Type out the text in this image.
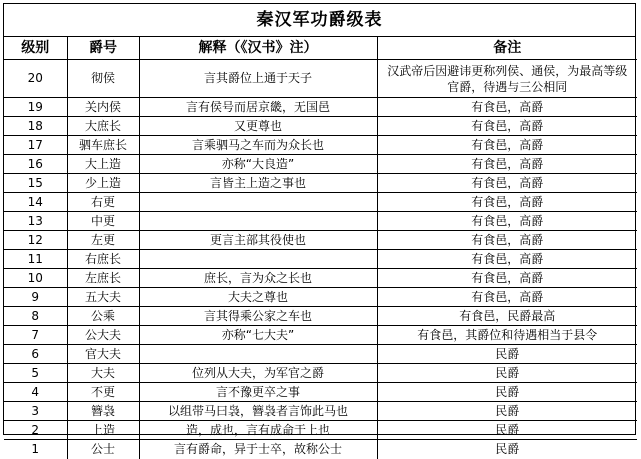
秦汉军功爵级表
级别	爵号	解释（《汉书》注）	备注
20	彻侯	言其爵位上通于天子	汉武帝后因避讳更称列侯、通侯，为最高等级官爵，待遇与三公相同
19	关内侯	言有侯号而居京畿，无国邑	有食邑，高爵
18	大庶长	又更尊也	有食邑，高爵
17	驷车庶长	言乘驷马之车而为众长也	有食邑，高爵
16	大上造	亦称“大良造”	有食邑，高爵
15	少上造	言皆主上造之事也	有食邑，高爵
14	右更		有食邑，高爵
13	中更		有食邑，高爵
12	左更	更言主部其役使也	有食邑，高爵
11	右庶长		有食邑，高爵
10	左庶长	庶长，言为众之长也	有食邑，高爵
9	五大夫	大夫之尊也	有食邑，高爵
8	公乘	言其得乘公家之车也	有食邑，民爵最高
7	公大夫	亦称“七大夫”	有食邑，其爵位和待遇相当于县令
6	官大夫		民爵
5	大夫	位列从大夫，为军官之爵	民爵
4	不更	言不豫更卒之事	民爵
3	簪袅	以组带马曰袅，簪袅者言饰此马也	民爵
2	上造	造，成也，言有成命于上也	民爵
1	公士	言有爵命，异于士卒，故称公士	民爵
